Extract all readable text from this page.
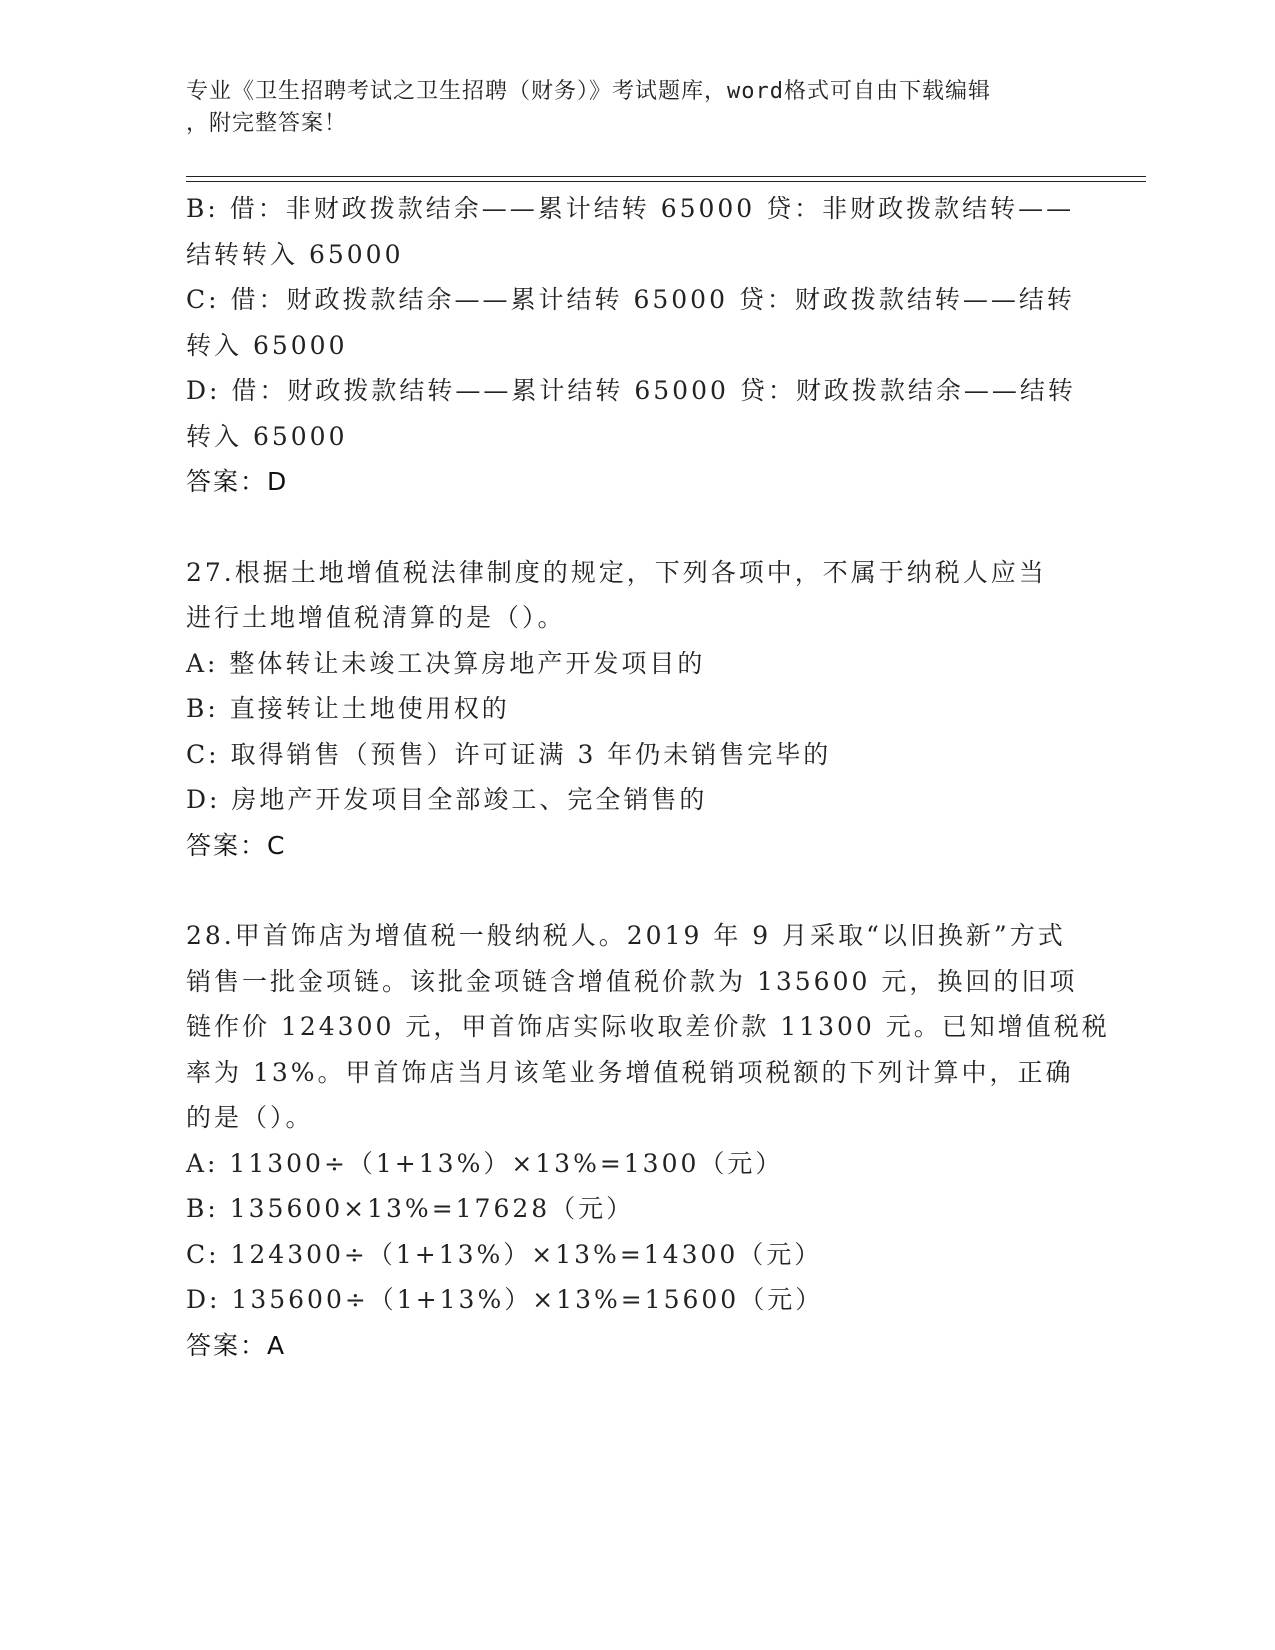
专业《卫生招聘考试之卫生招聘（财务）》考试题库，word格式可自由下载编辑
，附完整答案！
B: 借：非财政拨款结余——累计结转 65000 贷：非财政拨款结转——
结转转入 65000
C: 借：财政拨款结余——累计结转 65000 贷：财政拨款结转——结转
转入 65000
D: 借：财政拨款结转——累计结转 65000 贷：财政拨款结余——结转
转入 65000
答案：D
27.根据土地增值税法律制度的规定，下列各项中，不属于纳税人应当
进行土地增值税清算的是（）。
A: 整体转让未竣工决算房地产开发项目的
B: 直接转让土地使用权的
C: 取得销售（预售）许可证满 3 年仍未销售完毕的
D: 房地产开发项目全部竣工、完全销售的
答案：C
28.甲首饰店为增值税一般纳税人。2019 年 9 月采取“以旧换新”方式
销售一批金项链。该批金项链含增值税价款为 135600 元，换回的旧项
链作价 124300 元，甲首饰店实际收取差价款 11300 元。已知增值税税
率为 13%。甲首饰店当月该笔业务增值税销项税额的下列计算中，正确
的是（）。
A: 11300÷（1+13%）×13%=1300（元）
B: 135600×13%=17628（元）
C: 124300÷（1+13%）×13%=14300（元）
D: 135600÷（1+13%）×13%=15600（元）
答案：A
